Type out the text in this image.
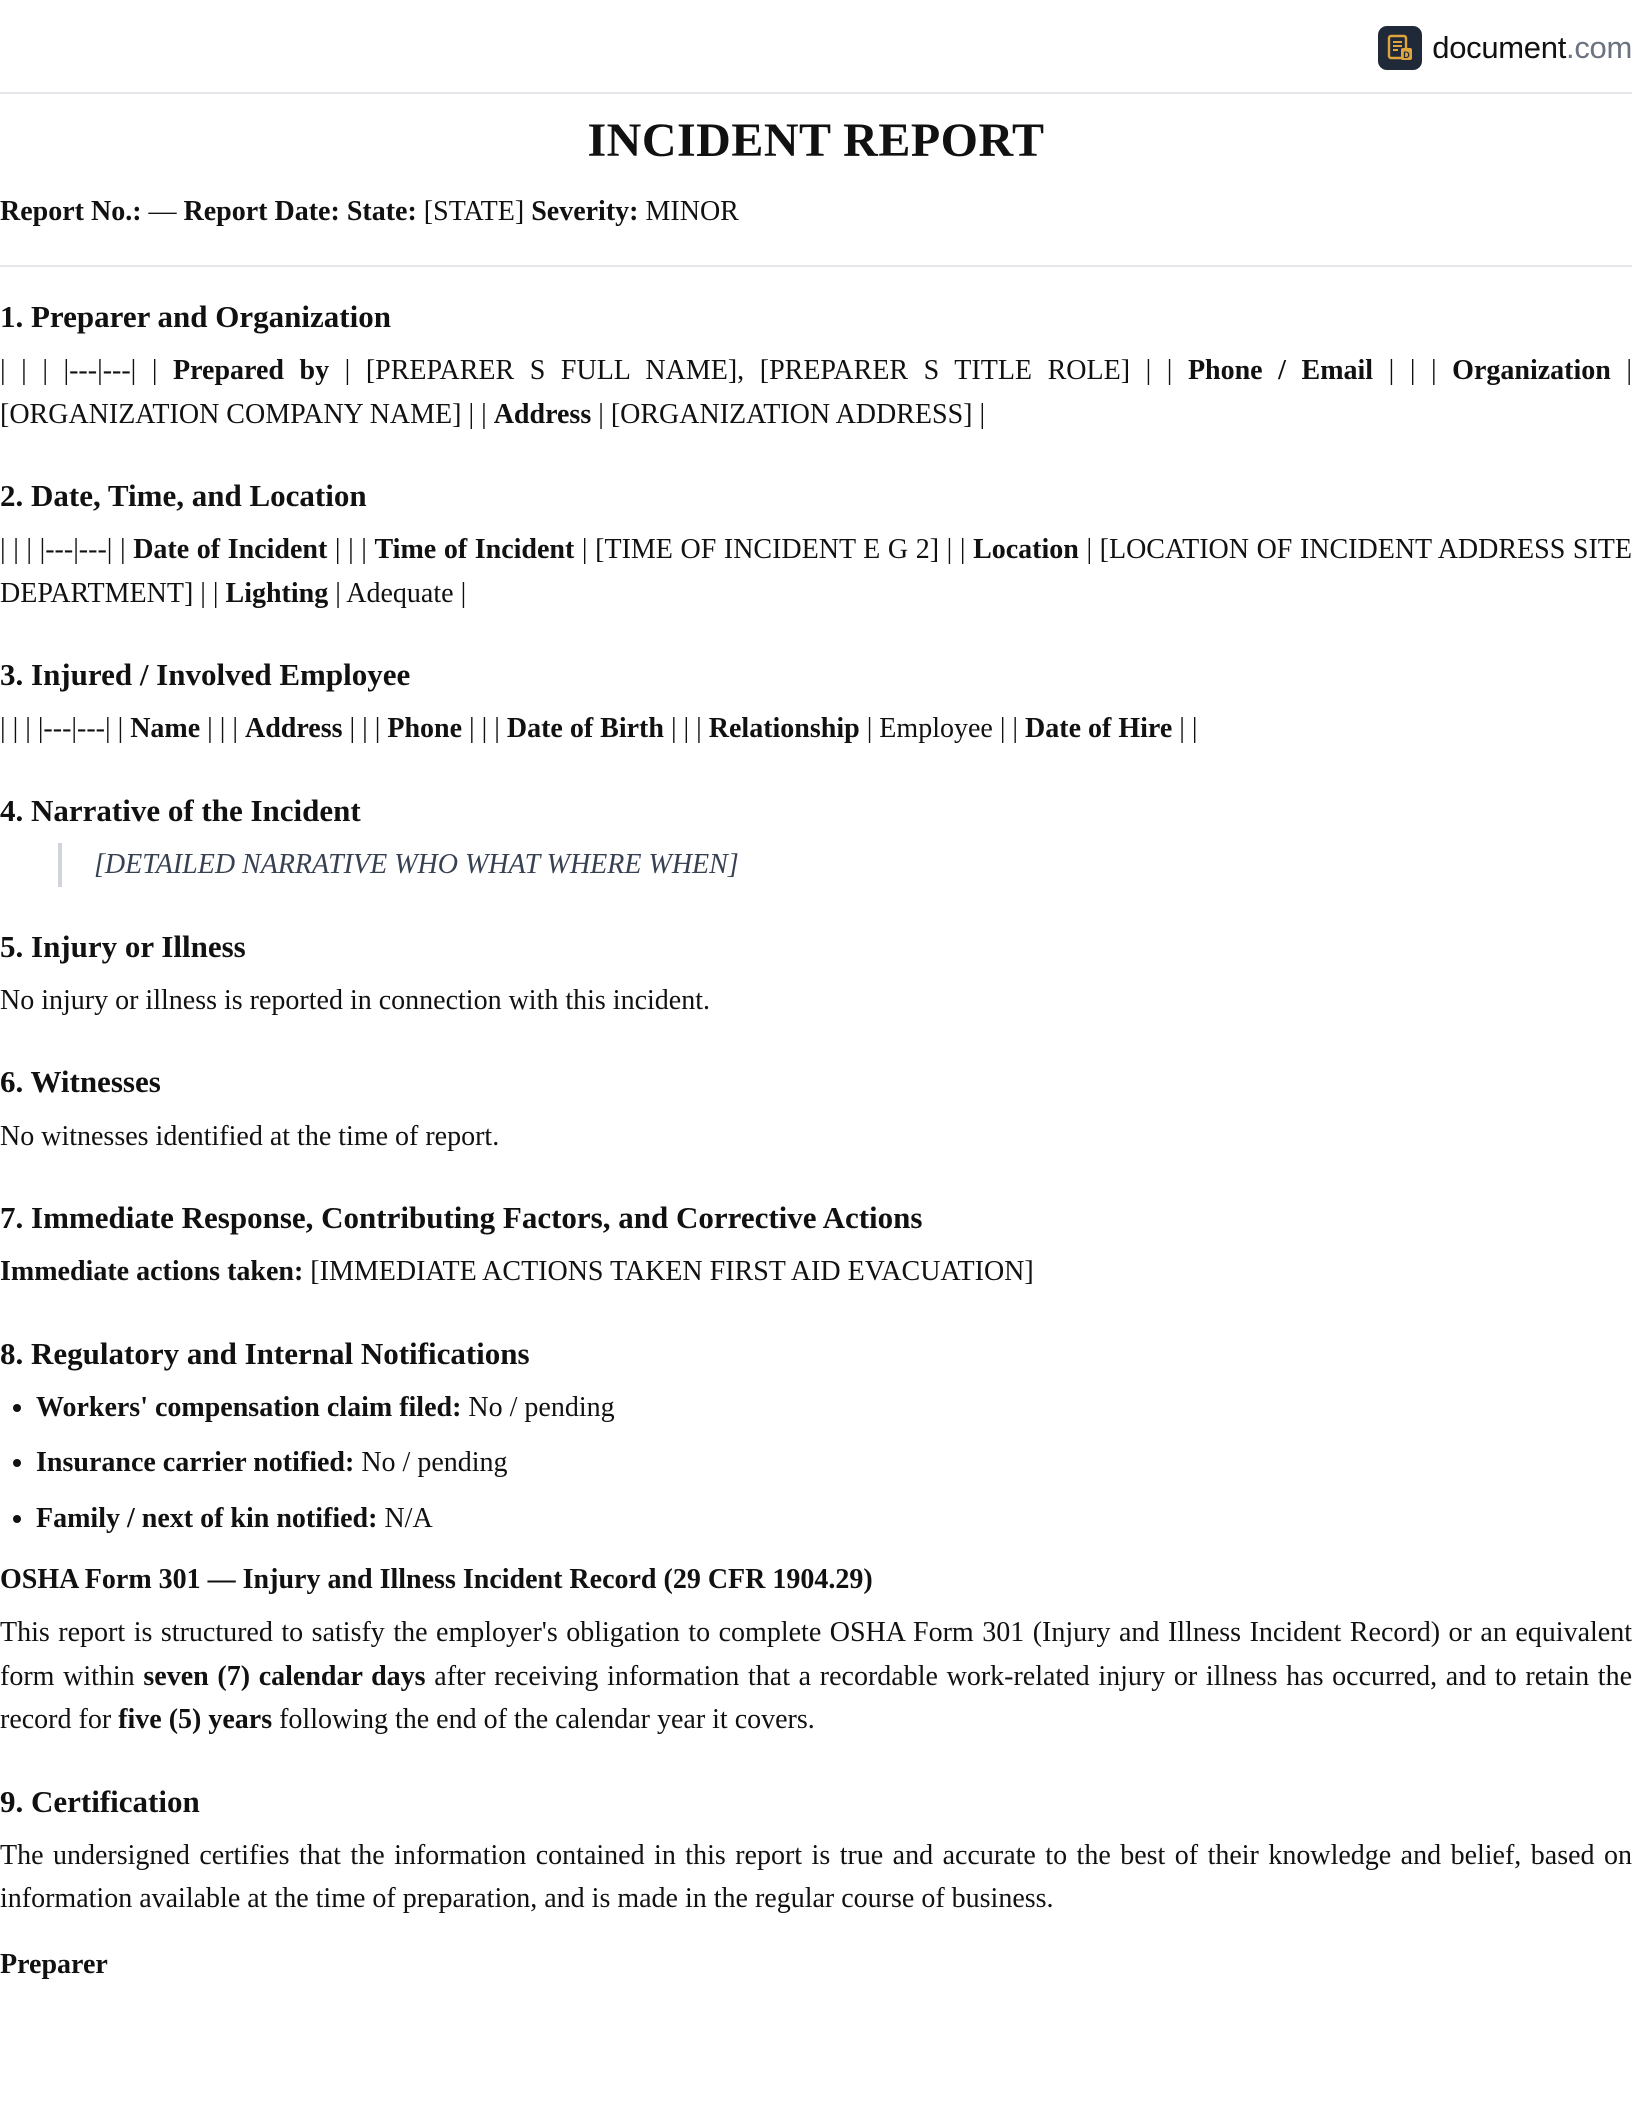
D document.com
INCIDENT REPORT
Report No.: — Report Date: State: [STATE] Severity: MINOR
1. Preparer and Organization

| | | |---|---| | Prepared by | [PREPARER S FULL NAME], [PREPARER S TITLE ROLE] | | Phone / Email | | | Organization | [ORGANIZATION COMPANY NAME] | | Address | [ORGANIZATION ADDRESS] |

2. Date, Time, and Location

| | | |---|---| | Date of Incident | | | Time of Incident | [TIME OF INCIDENT E G 2] | | Location | [LOCATION OF INCIDENT ADDRESS SITE DEPARTMENT] | | Lighting | Adequate |

3. Injured / Involved Employee

| | | |---|---| | Name | | | Address | | | Phone | | | Date of Birth | | | Relationship | Employee | | Date of Hire | |

4. Narrative of the Incident
[DETAILED NARRATIVE WHO WHAT WHERE WHEN]
5. Injury or Illness

No injury or illness is reported in connection with this incident.

6. Witnesses

No witnesses identified at the time of report.

7. Immediate Response, Contributing Factors, and Corrective Actions

Immediate actions taken: [IMMEDIATE ACTIONS TAKEN FIRST AID EVACUATION]

8. Regulatory and Internal Notifications
• Workers' compensation claim filed: No / pending
• Insurance carrier notified: No / pending
• Family / next of kin notified: N/A
OSHA Form 301 — Injury and Illness Incident Record (29 CFR 1904.29)

This report is structured to satisfy the employer's obligation to complete OSHA Form 301 (Injury and Illness Incident Record) or an equivalent form within seven (7) calendar days after receiving information that a recordable work-related injury or illness has occurred, and to retain the record for five (5) years following the end of the calendar year it covers.

9. Certification

The undersigned certifies that the information contained in this report is true and accurate to the best of their knowledge and belief, based on information available at the time of preparation, and is made in the regular course of business.

Preparer
